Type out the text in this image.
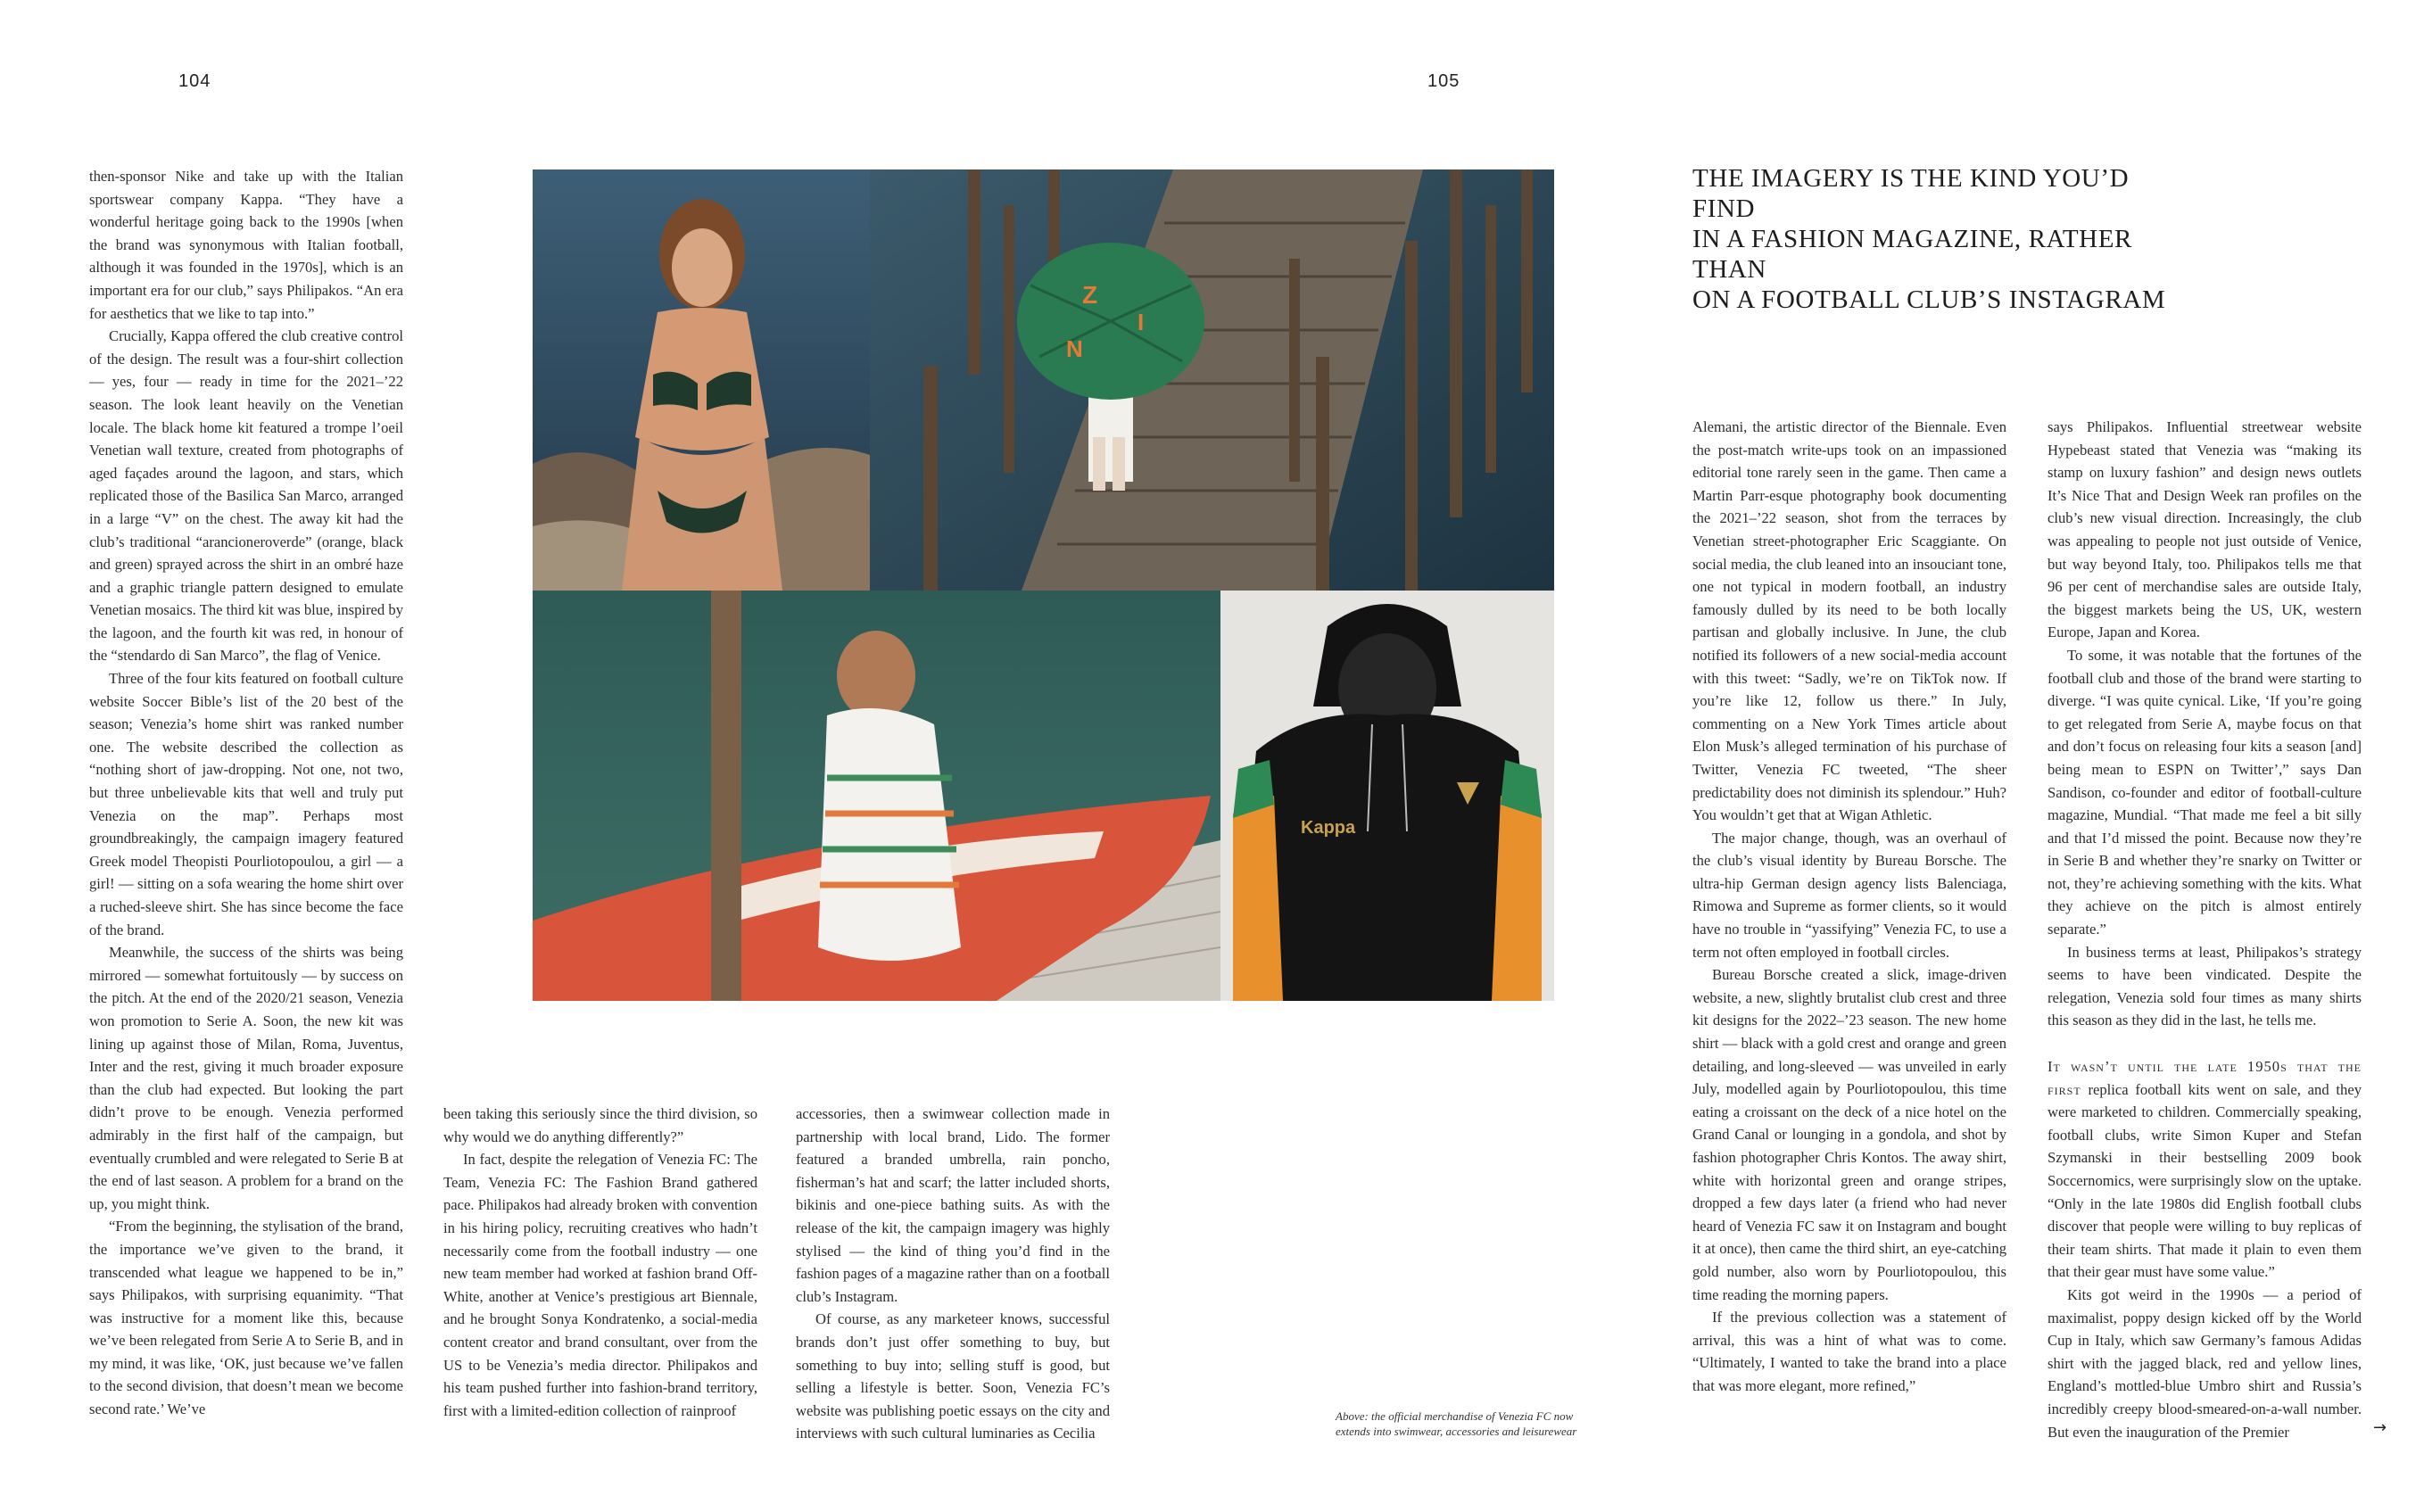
104	105

then-sponsor Nike and take up with the Italian sportswear company Kappa. “They have a wonderful heritage going back to the 1990s [when the brand was synonymous with Italian football, although it was founded in the 1970s], which is an important era for our club,” says Philipakos. “An era for aesthetics that we like to tap into.”

Crucially, Kappa offered the club creative control of the design. The result was a four-shirt collection — yes, four — ready in time for the 2021–’22 season. The look leant heavily on the Venetian locale. The black home kit featured a trompe l’oeil Venetian wall texture, created from photographs of aged façades around the lagoon, and stars, which replicated those of the Basilica San Marco, arranged in a large “V” on the chest. The away kit had the club’s traditional “arancioneroverde” (orange, black and green) sprayed across the shirt in an ombré haze and a graphic triangle pattern designed to emulate Venetian mosaics. The third kit was blue, inspired by the lagoon, and the fourth kit was red, in honour of the “stendardo di San Marco”, the flag of Venice.

Three of the four kits featured on football culture website Soccer Bible’s list of the 20 best of the season; Venezia’s home shirt was ranked number one. The website described the collection as “nothing short of jaw-dropping. Not one, not two, but three unbelievable kits that well and truly put Venezia on the map”. Perhaps most groundbreakingly, the campaign imagery featured Greek model Theopisti Pourliotopoulou, a girl — a girl! — sitting on a sofa wearing the home shirt over a ruched-sleeve shirt. She has since become the face of the brand.

Meanwhile, the success of the shirts was being mirrored — somewhat fortuitously — by success on the pitch. At the end of the 2020/21 season, Venezia won promotion to Serie A. Soon, the new kit was lining up against those of Milan, Roma, Juventus, Inter and the rest, giving it much broader exposure than the club had expected. But looking the part didn’t prove to be enough. Venezia performed admirably in the first half of the campaign, but eventually crumbled and were relegated to Serie B at the end of last season. A problem for a brand on the up, you might think.

“From the beginning, the stylisation of the brand, the importance we’ve given to the brand, it transcended what league we happened to be in,” says Philipakos, with surprising equanimity. “That was instructive for a moment like this, because we’ve been relegated from Serie A to Serie B, and in my mind, it was like, ‘OK, just because we’ve fallen to the second division, that doesn’t mean we become second rate.’ We’ve

Z
I
N
Kappa

been taking this seriously since the third division, so why would we do anything differently?”

In fact, despite the relegation of Venezia FC: The Team, Venezia FC: The Fashion Brand gathered pace. Philipakos had already broken with convention in his hiring policy, recruiting creatives who hadn’t necessarily come from the football industry — one new team member had worked at fashion brand Off-White, another at Venice’s prestigious art Biennale, and he brought Sonya Kondratenko, a social-media content creator and brand consultant, over from the US to be Venezia’s media director. Philipakos and his team pushed further into fashion-brand territory, first with a limited-edition collection of rainproof

accessories, then a swimwear collection made in partnership with local brand, Lido. The former featured a branded umbrella, rain poncho, fisherman’s hat and scarf; the latter included shorts, bikinis and one-piece bathing suits. As with the release of the kit, the campaign imagery was highly stylised — the kind of thing you’d find in the fashion pages of a magazine rather than on a football club’s Instagram.

Of course, as any marketeer knows, successful brands don’t just offer something to buy, but something to buy into; selling stuff is good, but selling a lifestyle is better. Soon, Venezia FC’s website was publishing poetic essays on the city and interviews with such cultural luminaries as Cecilia

Above: the official merchandise of Venezia FC now
extends into swimwear, accessories and leisurewear
THE IMAGERY IS THE KIND YOU’D FIND
IN A FASHION MAGAZINE, RATHER THAN
ON A FOOTBALL CLUB’S INSTAGRAM

Alemani, the artistic director of the Biennale. Even the post-match write-ups took on an impassioned editorial tone rarely seen in the game. Then came a Martin Parr-esque photography book documenting the 2021–’22 season, shot from the terraces by Venetian street-photographer Eric Scaggiante. On social media, the club leaned into an insouciant tone, one not typical in modern football, an industry famously dulled by its need to be both locally partisan and globally inclusive. In June, the club notified its followers of a new social-media account with this tweet: “Sadly, we’re on TikTok now. If you’re like 12, follow us there.” In July, commenting on a New York Times article about Elon Musk’s alleged termination of his purchase of Twitter, Venezia FC tweeted, “The sheer predictability does not diminish its splendour.” Huh? You wouldn’t get that at Wigan Athletic.

The major change, though, was an overhaul of the club’s visual identity by Bureau Borsche. The ultra-hip German design agency lists Balenciaga, Rimowa and Supreme as former clients, so it would have no trouble in “yassifying” Venezia FC, to use a term not often employed in football circles.

Bureau Borsche created a slick, image-driven website, a new, slightly brutalist club crest and three kit designs for the 2022–’23 season. The new home shirt — black with a gold crest and orange and green detailing, and long-sleeved — was unveiled in early July, modelled again by Pourliotopoulou, this time eating a croissant on the deck of a nice hotel on the Grand Canal or lounging in a gondola, and shot by fashion photographer Chris Kontos. The away shirt, white with horizontal green and orange stripes, dropped a few days later (a friend who had never heard of Venezia FC saw it on Instagram and bought it at once), then came the third shirt, an eye-catching gold number, also worn by Pourliotopoulou, this time reading the morning papers.

If the previous collection was a statement of arrival, this was a hint of what was to come. “Ultimately, I wanted to take the brand into a place that was more elegant, more refined,”

says Philipakos. Influential streetwear website Hypebeast stated that Venezia was “making its stamp on luxury fashion” and design news outlets It’s Nice That and Design Week ran profiles on the club’s new visual direction. Increasingly, the club was appealing to people not just outside of Venice, but way beyond Italy, too. Philipakos tells me that 96 per cent of merchandise sales are outside Italy, the biggest markets being the US, UK, western Europe, Japan and Korea.

To some, it was notable that the fortunes of the football club and those of the brand were starting to diverge. “I was quite cynical. Like, ‘If you’re going to get relegated from Serie A, maybe focus on that and don’t focus on releasing four kits a season [and] being mean to ESPN on Twitter’,” says Dan Sandison, co-founder and editor of football-culture magazine, Mundial. “That made me feel a bit silly and that I’d missed the point. Because now they’re in Serie B and whether they’re snarky on Twitter or not, they’re achieving something with the kits. What they achieve on the pitch is almost entirely separate.”

In business terms at least, Philipakos’s strategy seems to have been vindicated. Despite the relegation, Venezia sold four times as many shirts this season as they did in the last, he tells me.

It wasn’t until the late 1950s that the first replica football kits went on sale, and they were marketed to children. Commercially speaking, football clubs, write Simon Kuper and Stefan Szymanski in their bestselling 2009 book Soccernomics, were surprisingly slow on the uptake. “Only in the late 1980s did English football clubs discover that people were willing to buy replicas of their team shirts. That made it plain to even them that their gear must have some value.”

Kits got weird in the 1990s — a period of maximalist, poppy design kicked off by the World Cup in Italy, which saw Germany’s famous Adidas shirt with the jagged black, red and yellow lines, England’s mottled-blue Umbro shirt and Russia’s incredibly creepy blood-smeared-on-a-wall number. But even the inauguration of the Premier	→
